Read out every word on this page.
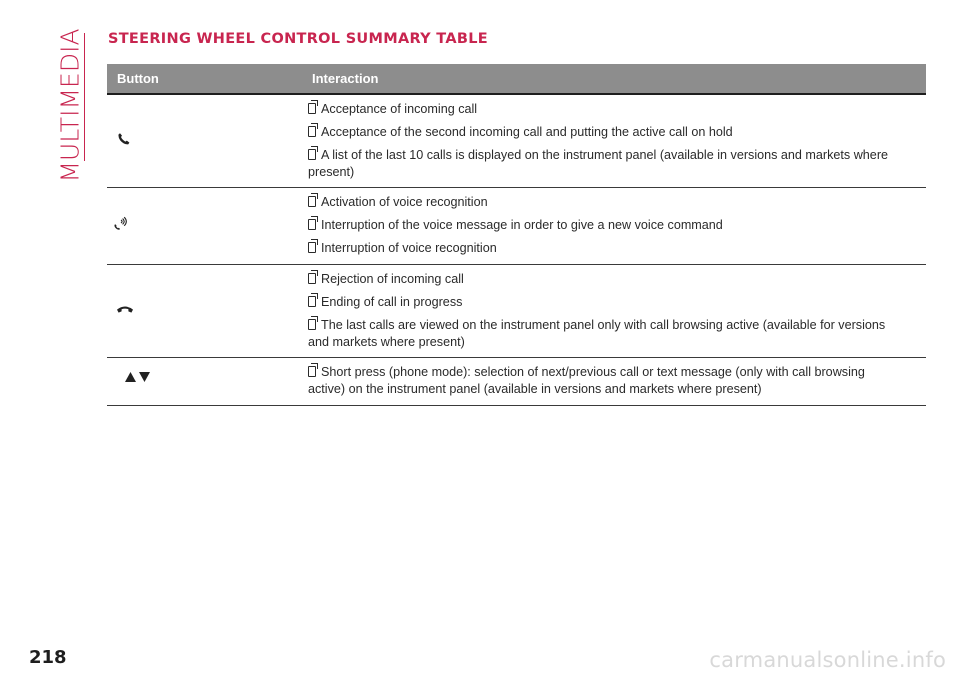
MULTIMEDIA STEERING WHEEL CONTROL SUMMARY TABLE
Button	Interaction
Acceptance of incoming call
Acceptance of the second incoming call and putting the active call on hold
A list of the last 10 calls is displayed on the instrument panel (available in versions and markets where present)
Activation of voice recognition
Interruption of the voice message in order to give a new voice command
Interruption of voice recognition
Rejection of incoming call
Ending of call in progress
The last calls are viewed on the instrument panel only with call browsing active (available for versions and markets where present)
Short press (phone mode): selection of next/previous call or text message (only with call browsing active) on the instrument panel (available in versions and markets where present)
218	carmanualsonline.info
